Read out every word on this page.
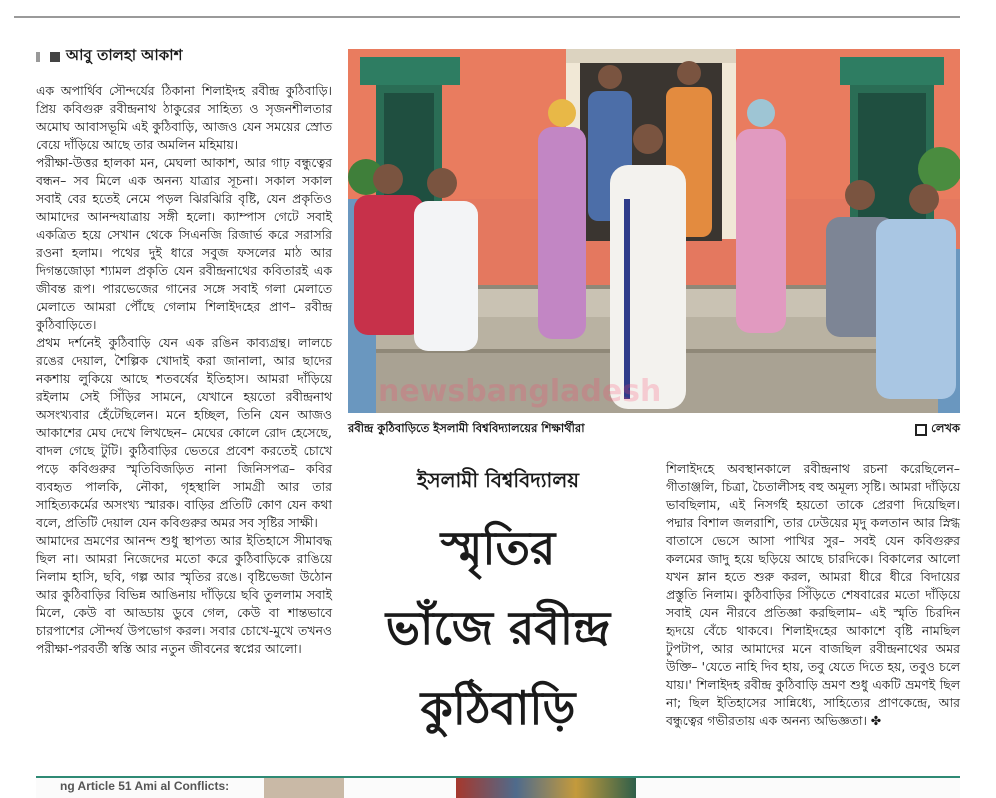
আবু তালহা আকাশ

এক অপার্থিব সৌন্দর্যের ঠিকানা শিলাইদহ রবীন্দ্র কুঠিবাড়ি। প্রিয় কবিগুরু রবীন্দ্রনাথ ঠাকুরের সাহিত্য ও সৃজনশীলতার অমোঘ আবাসভূমি এই কুঠিবাড়ি, আজও যেন সময়ের স্রোত বেয়ে দাঁড়িয়ে আছে তার অমলিন মহিমায়।

পরীক্ষা-উত্তর হালকা মন, মেঘলা আকাশ, আর গাঢ় বন্ধুত্বের বন্ধন– সব মিলে এক অনন্য যাত্রার সূচনা। সকাল সকাল সবাই বের হতেই নেমে পড়ল ঝিরঝিরি বৃষ্টি, যেন প্রকৃতিও আমাদের আনন্দযাত্রায় সঙ্গী হলো। ক্যাম্পাস গেটে সবাই একত্রিত হয়ে সেখান থেকে সিএনজি রিজার্ভ করে সরাসরি রওনা হলাম। পথের দুই ধারে সবুজ ফসলের মাঠ আর দিগন্তজোড়া শ্যামল প্রকৃতি যেন রবীন্দ্রনাথের কবিতারই এক জীবন্ত রূপ। পারভেজের গানের সঙ্গে সবাই গলা মেলাতে মেলাতে আমরা পৌঁছে গেলাম শিলাইদহের প্রাণ– রবীন্দ্র কুঠিবাড়িতে।

প্রথম দর্শনেই কুঠিবাড়ি যেন এক রঙিন কাব্যগ্রন্থ। লালচে রঙের দেয়াল, শৈল্পিক খোদাই করা জানালা, আর ছাদের নকশায় লুকিয়ে আছে শতবর্ষের ইতিহাস। আমরা দাঁড়িয়ে রইলাম সেই সিঁড়ির সামনে, যেখানে হয়তো রবীন্দ্রনাথ অসংখ্যবার হেঁটেছিলেন। মনে হচ্ছিল, তিনি যেন আজও আকাশের মেঘ দেখে লিখছেন– মেঘের কোলে রোদ হেসেছে, বাদল গেছে টুটি। কুঠিবাড়ির ভেতরে প্রবেশ করতেই চোখে পড়ে কবিগুরুর স্মৃতিবিজড়িত নানা জিনিসপত্র– কবির ব্যবহৃত পালকি, নৌকা, গৃহস্থালি সামগ্রী আর তার সাহিত্যকর্মের অসংখ্য স্মারক। বাড়ির প্রতিটি কোণ যেন কথা বলে, প্রতিটি দেয়াল যেন কবিগুরুর অমর সব সৃষ্টির সাক্ষী।

আমাদের ভ্রমণের আনন্দ শুধু স্থাপত্য আর ইতিহাসে সীমাবদ্ধ ছিল না। আমরা নিজেদের মতো করে কুঠিবাড়িকে রাঙিয়ে নিলাম হাসি, ছবি, গল্প আর স্মৃতির রঙে। বৃষ্টিভেজা উঠোন আর কুঠিবাড়ির বিভিন্ন আঙিনায় দাঁড়িয়ে ছবি তুললাম সবাই মিলে, কেউ বা আড্ডায় ডুবে গেল, কেউ বা শান্তভাবে চারপাশের সৌন্দর্য উপভোগ করল। সবার চোখে-মুখে তখনও পরীক্ষা-পরবর্তী স্বস্তি আর নতুন জীবনের স্বপ্নের আলো।

newsbangladesh
রবীন্দ্র কুঠিবাড়িতে ইসলামী বিশ্ববিদ্যালয়ের শিক্ষার্থীরা	লেখক
ইসলামী বিশ্ববিদ্যালয়
স্মৃতির
ভাঁজে রবীন্দ্র
কুঠিবাড়ি

শিলাইদহে অবস্থানকালে রবীন্দ্রনাথ রচনা করেছিলেন– গীতাঞ্জলি, চিত্রা, চৈতালীসহ বহু অমূল্য সৃষ্টি। আমরা দাঁড়িয়ে ভাবছিলাম, এই নিসর্গই হয়তো তাকে প্রেরণা দিয়েছিল। পদ্মার বিশাল জলরাশি, তার ঢেউয়ের মৃদু কলতান আর স্নিগ্ধ বাতাসে ভেসে আসা পাখির সুর– সবই যেন কবিগুরুর কলমের জাদু হয়ে ছড়িয়ে আছে চারদিকে। বিকালের আলো যখন ম্লান হতে শুরু করল, আমরা ধীরে ধীরে বিদায়ের প্রস্তুতি নিলাম। কুঠিবাড়ির সিঁড়িতে শেষবারের মতো দাঁড়িয়ে সবাই যেন নীরবে প্রতিজ্ঞা করছিলাম– এই স্মৃতি চিরদিন হৃদয়ে বেঁচে থাকবে। শিলাইদহের আকাশে বৃষ্টি নামছিল টুপটাপ, আর আমাদের মনে বাজছিল রবীন্দ্রনাথের অমর উক্তি– 'যেতে নাহি দিব হায়, তবু যেতে দিতে হয়, তবুও চলে যায়।' শিলাইদহ রবীন্দ্র কুঠিবাড়ি ভ্রমণ শুধু একটি ভ্রমণই ছিল না; ছিল ইতিহাসের সান্নিধ্যে, সাহিত্যের প্রাণকেন্দ্রে, আর বন্ধুত্বের গভীরতায় এক অনন্য অভিজ্ঞতা। ✤

ng Article 51 Ami al Conflicts:
